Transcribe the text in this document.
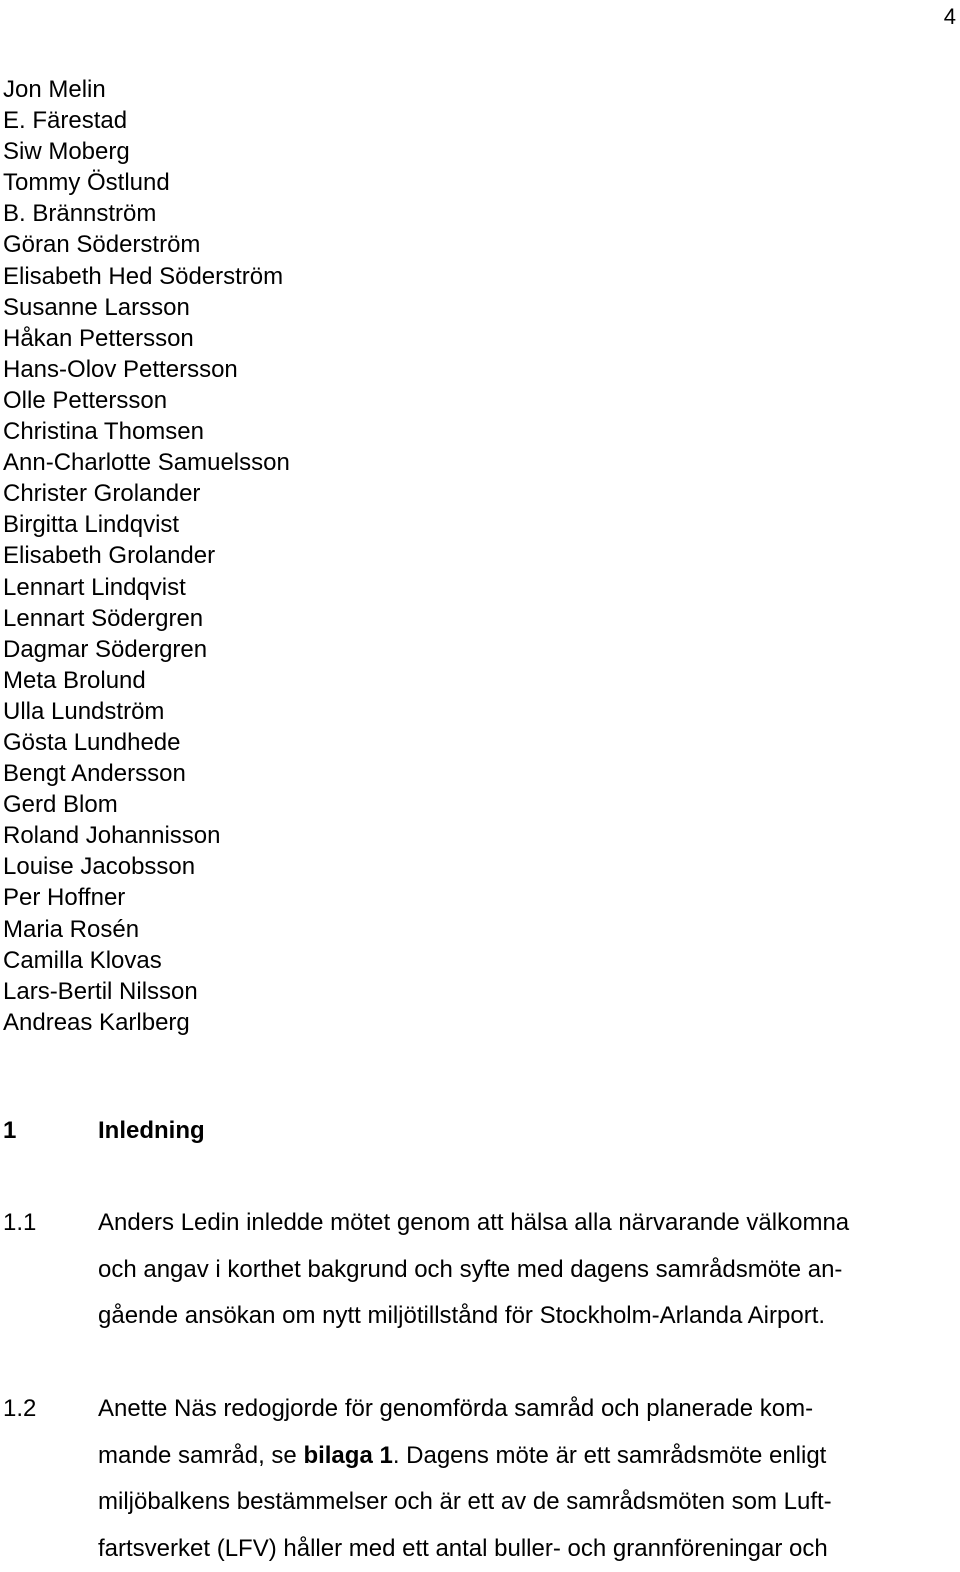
4
Jon Melin
E. Färestad
Siw Moberg
Tommy Östlund
B. Brännström
Göran Söderström
Elisabeth Hed Söderström
Susanne Larsson
Håkan Pettersson
Hans-Olov Pettersson
Olle Pettersson
Christina Thomsen
Ann-Charlotte Samuelsson
Christer Grolander
Birgitta Lindqvist
Elisabeth Grolander
Lennart Lindqvist
Lennart Södergren
Dagmar Södergren
Meta Brolund
Ulla Lundström
Gösta Lundhede
Bengt Andersson
Gerd Blom
Roland Johannisson
Louise Jacobsson
Per Hoffner
Maria Rosén
Camilla Klovas
Lars-Bertil Nilsson
Andreas Karlberg
1	Inledning
1.1	Anders Ledin inledde mötet genom att hälsa alla närvarande välkomna
och angav i korthet bakgrund och syfte med dagens samrådsmöte an-
gående ansökan om nytt miljötillstånd för Stockholm-Arlanda Airport.
1.2	Anette Näs redogjorde för genomförda samråd och planerade kom-
mande samråd, se bilaga 1. Dagens möte är ett samrådsmöte enligt
miljöbalkens bestämmelser och är ett av de samrådsmöten som Luft-
fartsverket (LFV) håller med ett antal buller- och grannföreningar och
